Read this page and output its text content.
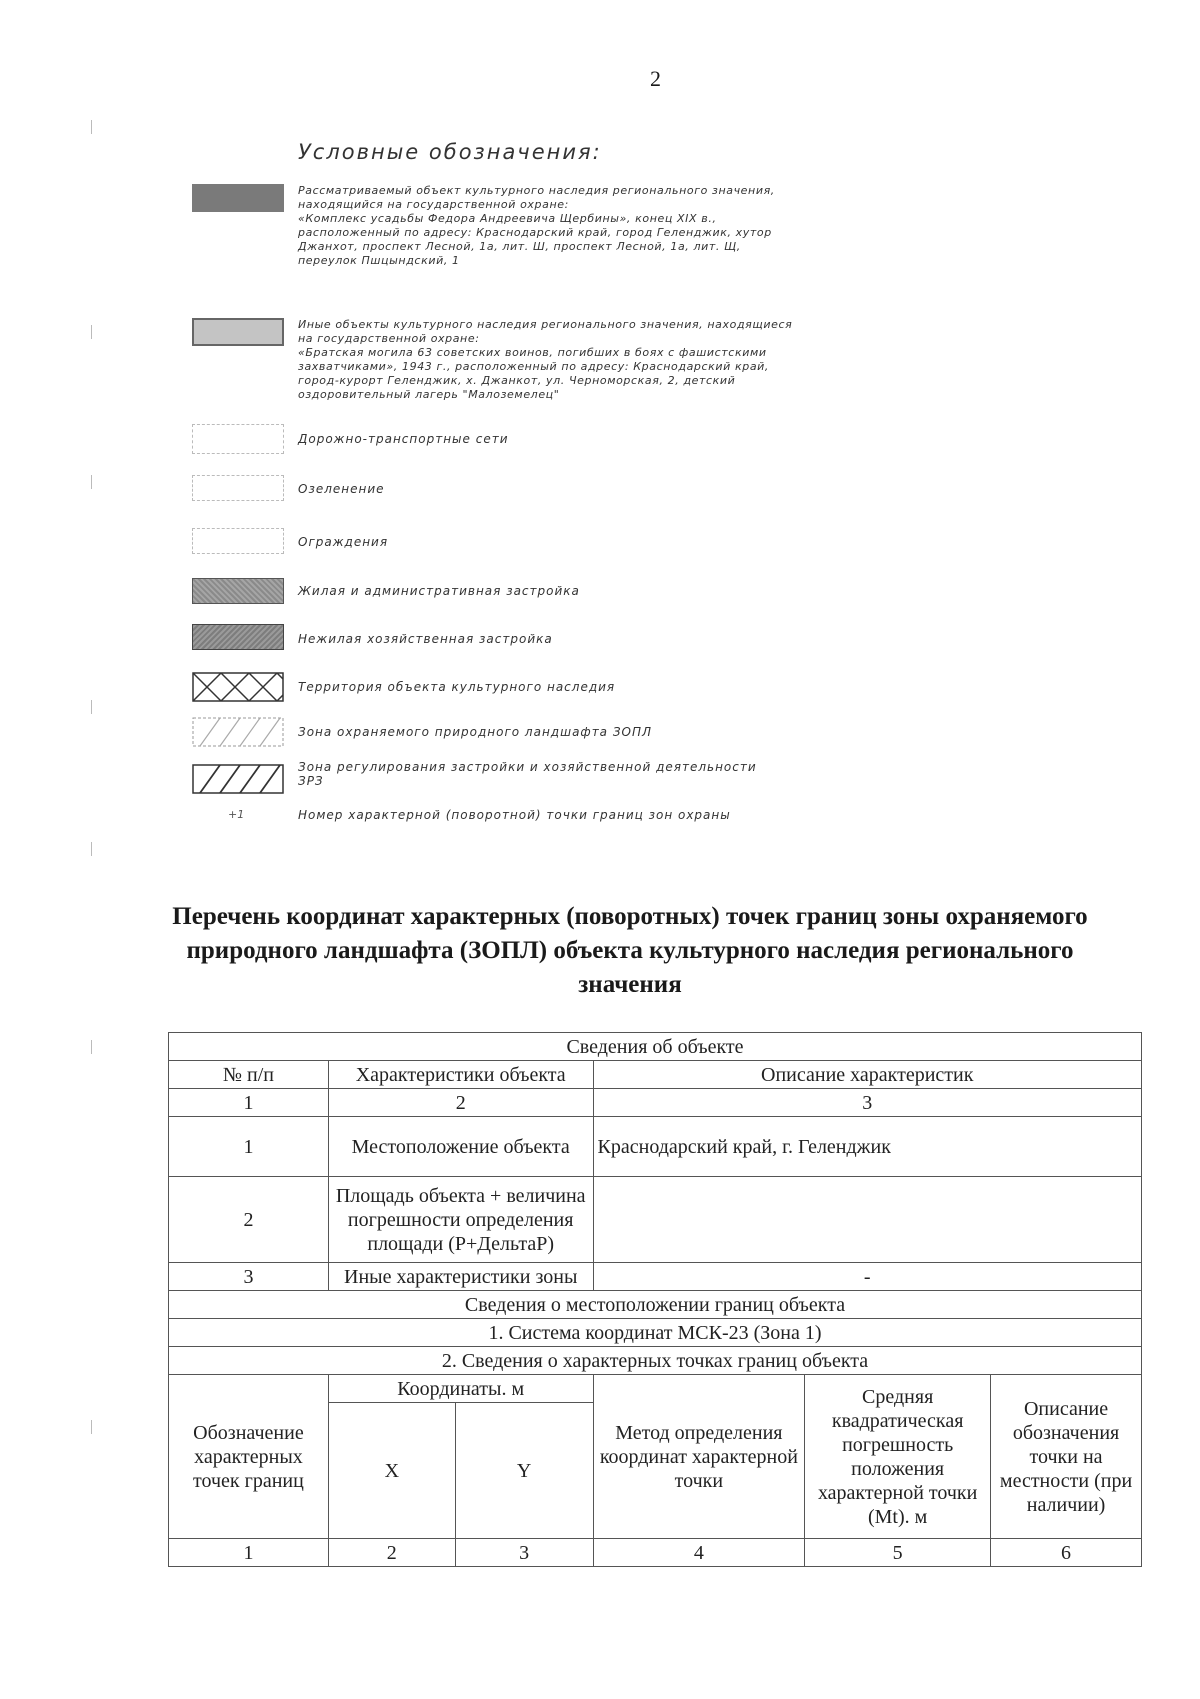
2
Условные обозначения:
Рассматриваемый объект культурного наследия регионального значения,
находящийся на государственной охране:
«Комплекс усадьбы Федора Андреевича Щербины», конец XIX в.,
расположенный по адресу: Краснодарский край, город Геленджик, хутор
Джанхот, проспект Лесной, 1а, лит. Ш, проспект Лесной, 1а, лит. Щ,
переулок Пшцындский, 1
Иные объекты культурного наследия регионального значения, находящиеся
на государственной охране:
«Братская могила 63 советских воинов, погибших в боях с фашистскими
захватчиками», 1943 г., расположенный по адресу: Краснодарский край,
город-курорт Геленджик, х. Джанкот, ул. Черноморская, 2, детский
оздоровительный лагерь "Малоземелец"
Дорожно-транспортные сети
Озеленение
Ограждения
Жилая и административная застройка
Нежилая хозяйственная застройка
Территория объекта культурного наследия
Зона охраняемого природного ландшафта ЗОПЛ
Зона регулирования застройки и хозяйственной деятельности
ЗРЗ
+1	Номер характерной (поворотной) точки границ зон охраны
Перечень координат характерных (поворотных) точек границ зоны охраняемого природного ландшафта (ЗОПЛ) объекта культурного наследия регионального значения
Сведения об объекте					
№ п/п	Характеристики объекта		Описание характеристик		
1	2		3		
1	Местоположение объекта		Краснодарский край, г. Геленджик		
2	Площадь объекта + величина погрешности определения площади (P+ДельтаР)				
3	Иные характеристики зоны		-		
Сведения о местоположении границ объекта					
1. Система координат МСК-23 (Зона 1)					
2. Сведения о характерных точках границ объекта					
Обозначение характерных точек границ	Координаты. м		Метод определения координат характерной точки	Средняя квадратическая погрешность положения характерной точки (Mt). м	Описание обозначения точки на местности (при наличии)
	X	Y			
1	2	3	4	5	6
